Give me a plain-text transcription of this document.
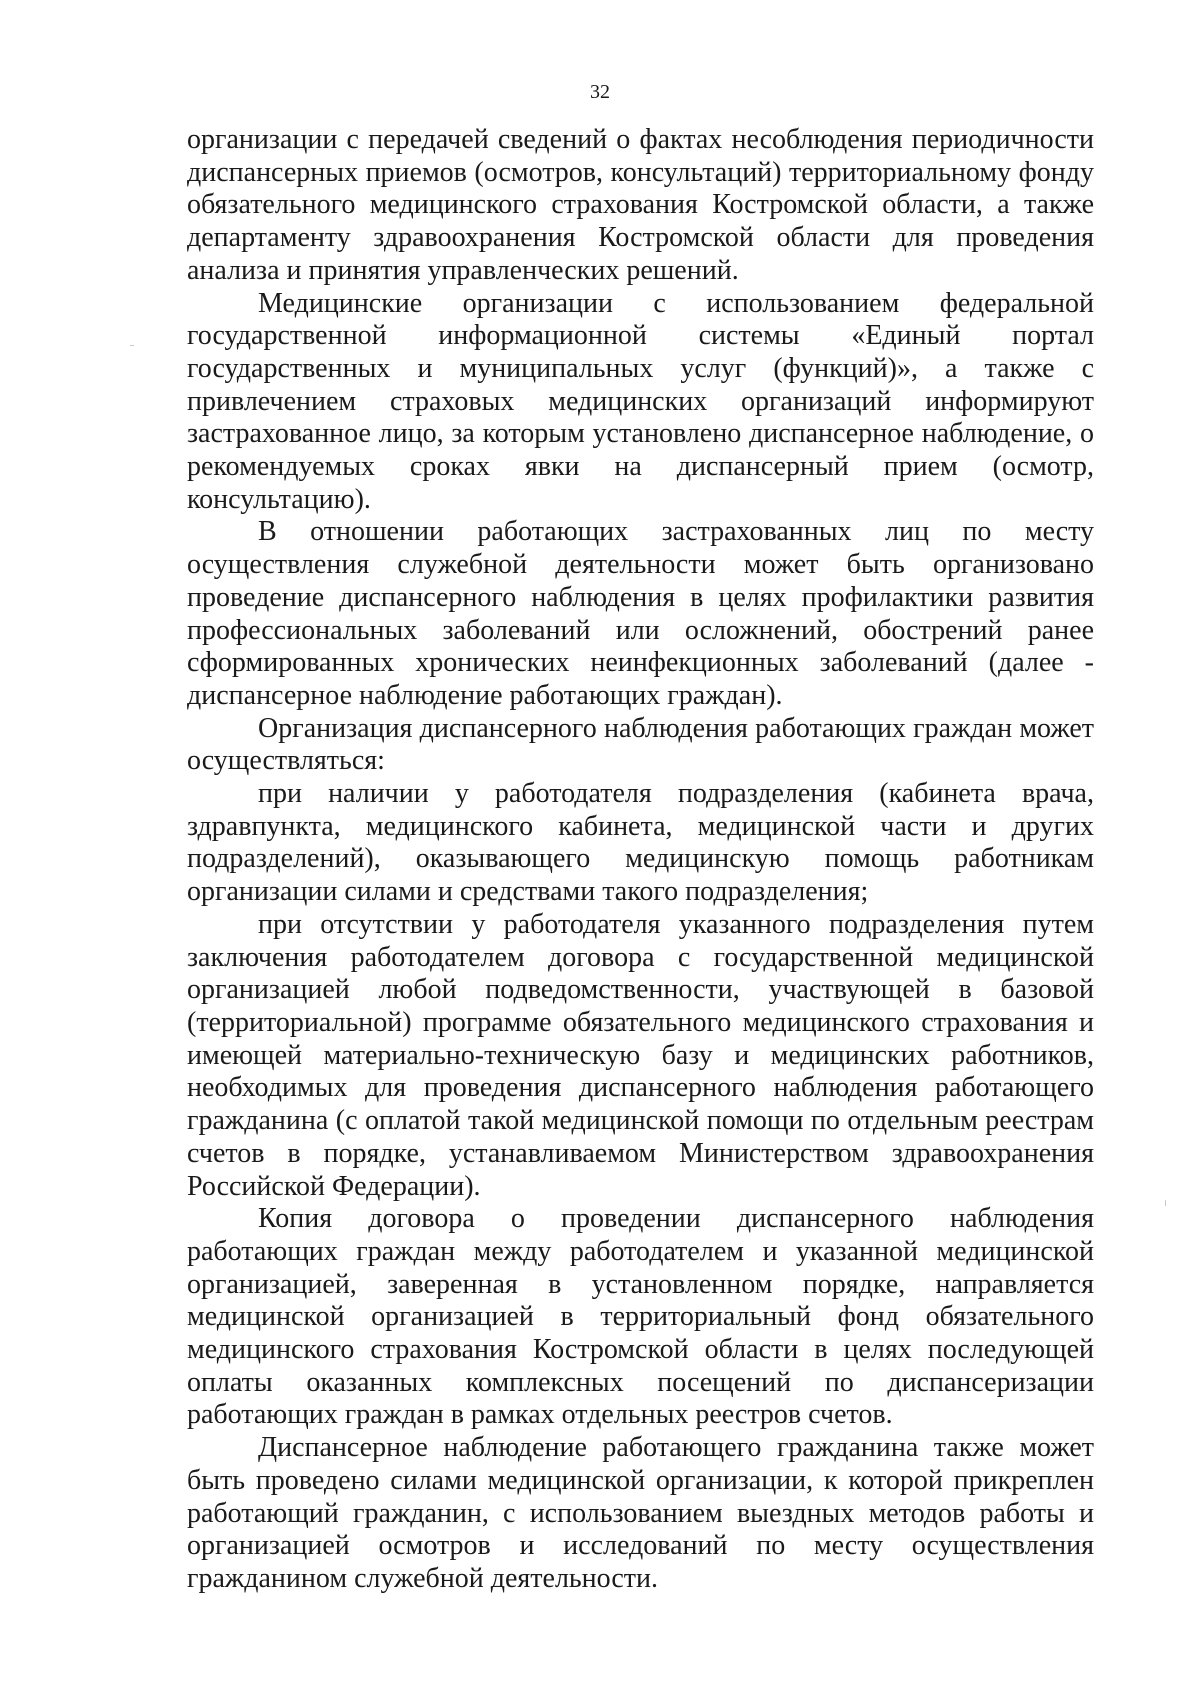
32

организации с передачей сведений о фактах несоблюдения периодичности диспансерных приемов (осмотров, консультаций) территориальному фонду обязательного медицинского страхования Костромской области, а также департаменту здравоохранения Костромской области для проведения анализа и принятия управленческих решений.

Медицинские организации с использованием федеральной государственной информационной системы «Единый портал государственных и муниципальных услуг (функций)», а также с привлечением страховых медицинских организаций информируют застрахованное лицо, за которым установлено диспансерное наблюдение, о рекомендуемых сроках явки на диспансерный прием (осмотр, консультацию).

В отношении работающих застрахованных лиц по месту осуществления служебной деятельности может быть организовано проведение диспансерного наблюдения в целях профилактики развития профессиональных заболеваний или осложнений, обострений ранее сформированных хронических неинфекционных заболеваний (далее - диспансерное наблюдение работающих граждан).

Организация диспансерного наблюдения работающих граждан может осуществляться:

при наличии у работодателя подразделения (кабинета врача, здравпункта, медицинского кабинета, медицинской части и других подразделений), оказывающего медицинскую помощь работникам организации силами и средствами такого подразделения;

при отсутствии у работодателя указанного подразделения путем заключения работодателем договора с государственной медицинской организацией любой подведомственности, участвующей в базовой (территориальной) программе обязательного медицинского страхования и имеющей материально-техническую базу и медицинских работников, необходимых для проведения диспансерного наблюдения работающего гражданина (с оплатой такой медицинской помощи по отдельным реестрам счетов в порядке, устанавливаемом Министерством здравоохранения Российской Федерации).

Копия договора о проведении диспансерного наблюдения работающих граждан между работодателем и указанной медицинской организацией, заверенная в установленном порядке, направляется медицинской организацией в территориальный фонд обязательного медицинского страхования Костромской области в целях последующей оплаты оказанных комплексных посещений по диспансеризации работающих граждан в рамках отдельных реестров счетов.

Диспансерное наблюдение работающего гражданина также может быть проведено силами медицинской организации, к которой прикреплен работающий гражданин, с использованием выездных методов работы и организацией осмотров и исследований по месту осуществления гражданином служебной деятельности.
